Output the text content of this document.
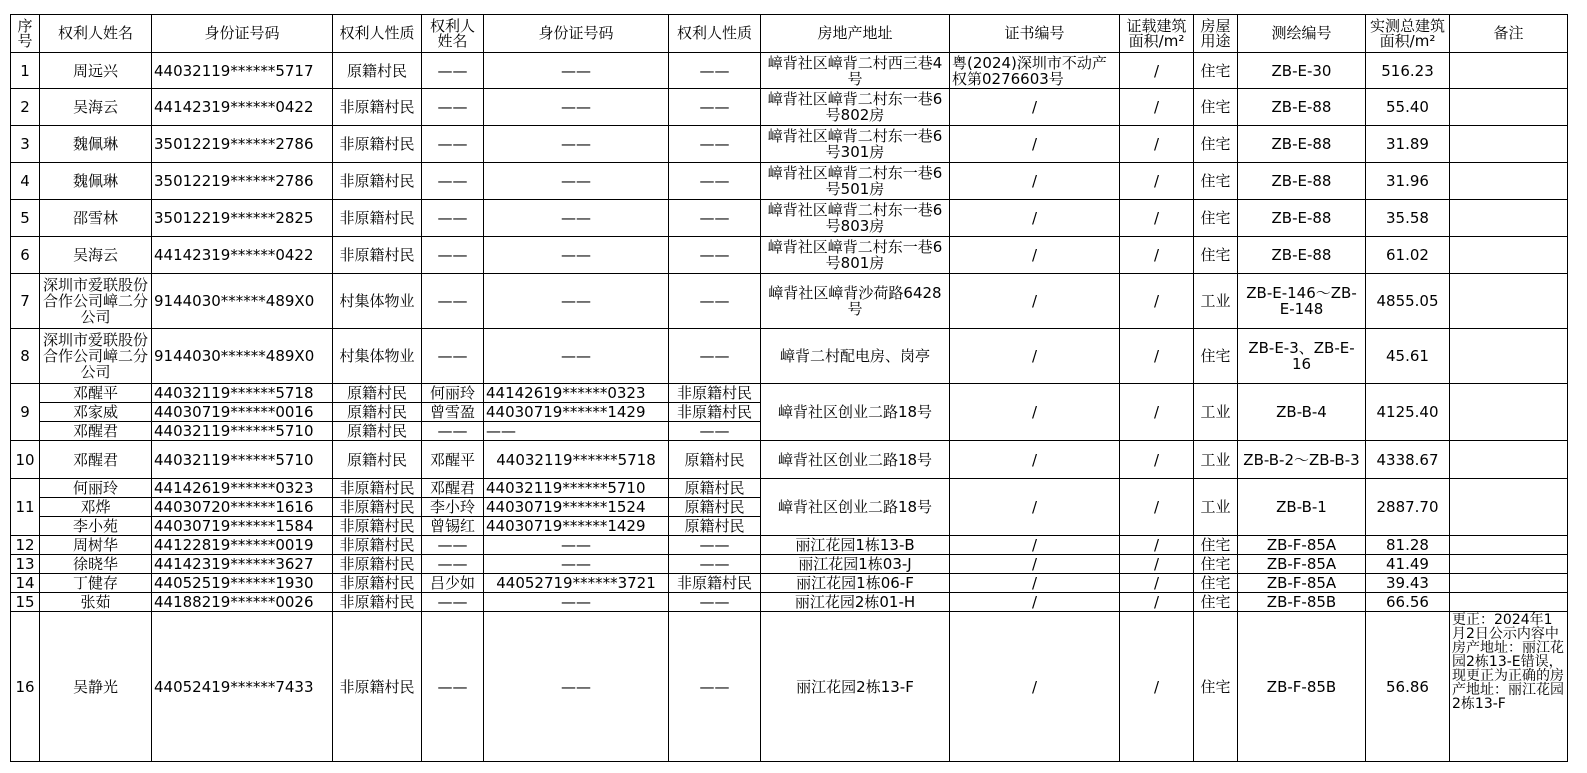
序号	权利人姓名	身份证号码	权利人性质	权利人姓名	身份证号码	权利人性质	房地产地址	证书编号	证载建筑面积/m²	房屋用途	测绘编号	实测总建筑面积/m²	备注
1	周远兴	44032119******5717	原籍村民	——	——	——	嶂背社区嶂背二村西三巷4号	粤(2024)深圳市不动产权第0276603号	/	住宅	ZB-E-30	516.23	
2	吴海云	44142319******0422	非原籍村民	——	——	——	嶂背社区嶂背二村东一巷6号802房	/	/	住宅	ZB-E-88	55.40	
3	魏佩琳	35012219******2786	非原籍村民	——	——	——	嶂背社区嶂背二村东一巷6号301房	/	/	住宅	ZB-E-88	31.89	
4	魏佩琳	35012219******2786	非原籍村民	——	——	——	嶂背社区嶂背二村东一巷6号501房	/	/	住宅	ZB-E-88	31.96	
5	邵雪林	35012219******2825	非原籍村民	——	——	——	嶂背社区嶂背二村东一巷6号803房	/	/	住宅	ZB-E-88	35.58	
6	吴海云	44142319******0422	非原籍村民	——	——	——	嶂背社区嶂背二村东一巷6号801房	/	/	住宅	ZB-E-88	61.02	
7	深圳市爱联股份合作公司嶂二分公司	9144030******489X0	村集体物业	——	——	——	嶂背社区嶂背沙荷路6428号	/	/	工业	ZB-E-146～ZB-E-148	4855.05	
8	深圳市爱联股份合作公司嶂二分公司	9144030******489X0	村集体物业	——	——	——	嶂背二村配电房、岗亭	/	/	住宅	ZB-E-3、ZB-E-16	45.61	
9	邓醒平	44032119******5718	原籍村民	何丽玲	44142619******0323	非原籍村民	嶂背社区创业二路18号	/	/	工业	ZB-B-4	4125.40	
	邓家威	44030719******0016	原籍村民	曾雪盈	44030719******1429	非原籍村民							
	邓醒君	44032119******5710	原籍村民	——	——	——							
10	邓醒君	44032119******5710	原籍村民	邓醒平	44032119******5718	原籍村民	嶂背社区创业二路18号	/	/	工业	ZB-B-2～ZB-B-3	4338.67	
11	何丽玲	44142619******0323	非原籍村民	邓醒君	44032119******5710	原籍村民	嶂背社区创业二路18号	/	/	工业	ZB-B-1	2887.70	
	邓烨	44030720******1616	非原籍村民	李小玲	44030719******1524	原籍村民							
	李小苑	44030719******1584	非原籍村民	曾锡红	44030719******1429	原籍村民							
12	周树华	44122819******0019	非原籍村民	——	——	——	丽江花园1栋13-B	/	/	住宅	ZB-F-85A	81.28	
13	徐晓华	44142319******3627	非原籍村民	——	——	——	丽江花园1栋03-J	/	/	住宅	ZB-F-85A	41.49	
14	丁健存	44052519******1930	非原籍村民	吕少如	44052719******3721	非原籍村民	丽江花园1栋06-F	/	/	住宅	ZB-F-85A	39.43	
15	张茹	44188219******0026	非原籍村民	——	——	——	丽江花园2栋01-H	/	/	住宅	ZB-F-85B	66.56	
16	吴静光	44052419******7433	非原籍村民	——	——	——	丽江花园2栋13-F	/	/	住宅	ZB-F-85B	56.86	更正：2024年1月2日公示内容中房产地址：丽江花园2栋13-E错误，现更正为正确的房产地址：丽江花园2栋13-F
